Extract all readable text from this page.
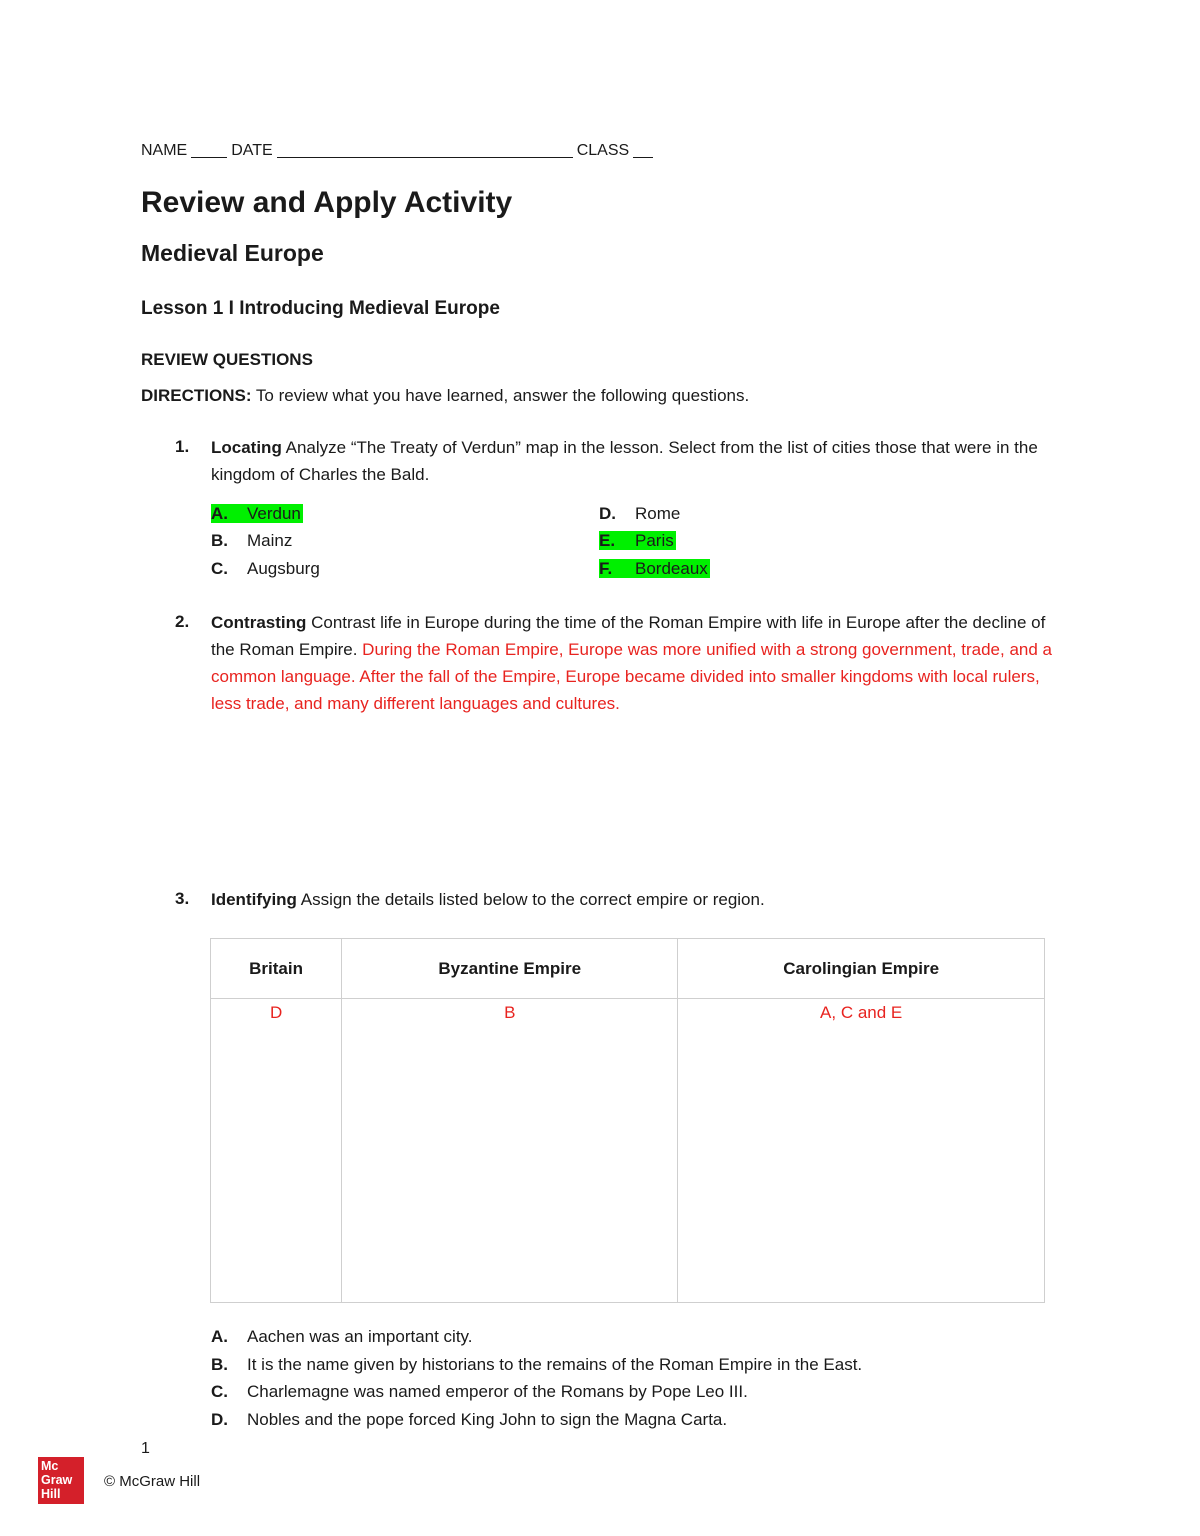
NAME	DATE	CLASS
Review and Apply Activity
Medieval Europe
Lesson 1 I Introducing Medieval Europe
REVIEW QUESTIONS
DIRECTIONS: To review what you have learned, answer the following questions.
1. Locating Analyze “The Treaty of Verdun” map in the lesson. Select from the list of cities those that were in the kingdom of Charles the Bald.
A. Verdun
B. Mainz
C. Augsburg
D. Rome
E. Paris
F. Bordeaux
2. Contrasting Contrast life in Europe during the time of the Roman Empire with life in Europe after the decline of the Roman Empire. During the Roman Empire, Europe was more unified with a strong government, trade, and a common language. After the fall of the Empire, Europe became divided into smaller kingdoms with local rulers, less trade, and many different languages and cultures.
3. Identifying Assign the details listed below to the correct empire or region.
Britain	Byzantine Empire	Carolingian Empire
D	B	A, C and E
A. Aachen was an important city.
B. It is the name given by historians to the remains of the Roman Empire in the East.
C. Charlemagne was named emperor of the Romans by Pope Leo III.
D. Nobles and the pope forced King John to sign the Magna Carta.
1
Mc
Graw
Hill
© McGraw Hill
